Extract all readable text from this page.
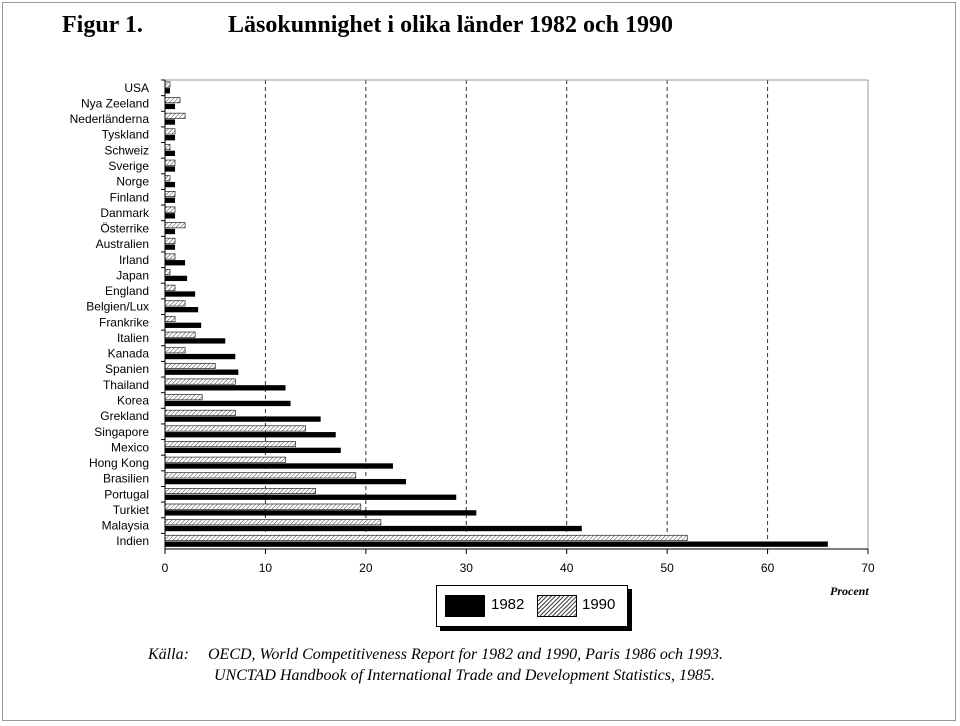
Figur 1.	Läsokunnighet i olika länder 1982 och 1990
0	10	20	30	40	50	60	70
USA
Nya Zeeland
Nederländerna
Tyskland
Schweiz
Sverige
Norge
Finland
Danmark
Österrike
Australien
Irland
Japan
England
Belgien/Lux
Frankrike
Italien
Kanada
Spanien
Thailand
Korea
Grekland
Singapore
Mexico
Hong Kong
Brasilien
Portugal
Turkiet
Malaysia
Indien
1982	1990
Procent
Källa: OECD, World Competitiveness Report for 1982 and 1990, Paris 1986 och 1993.
UNCTAD Handbook of International Trade and Development Statistics, 1985.
